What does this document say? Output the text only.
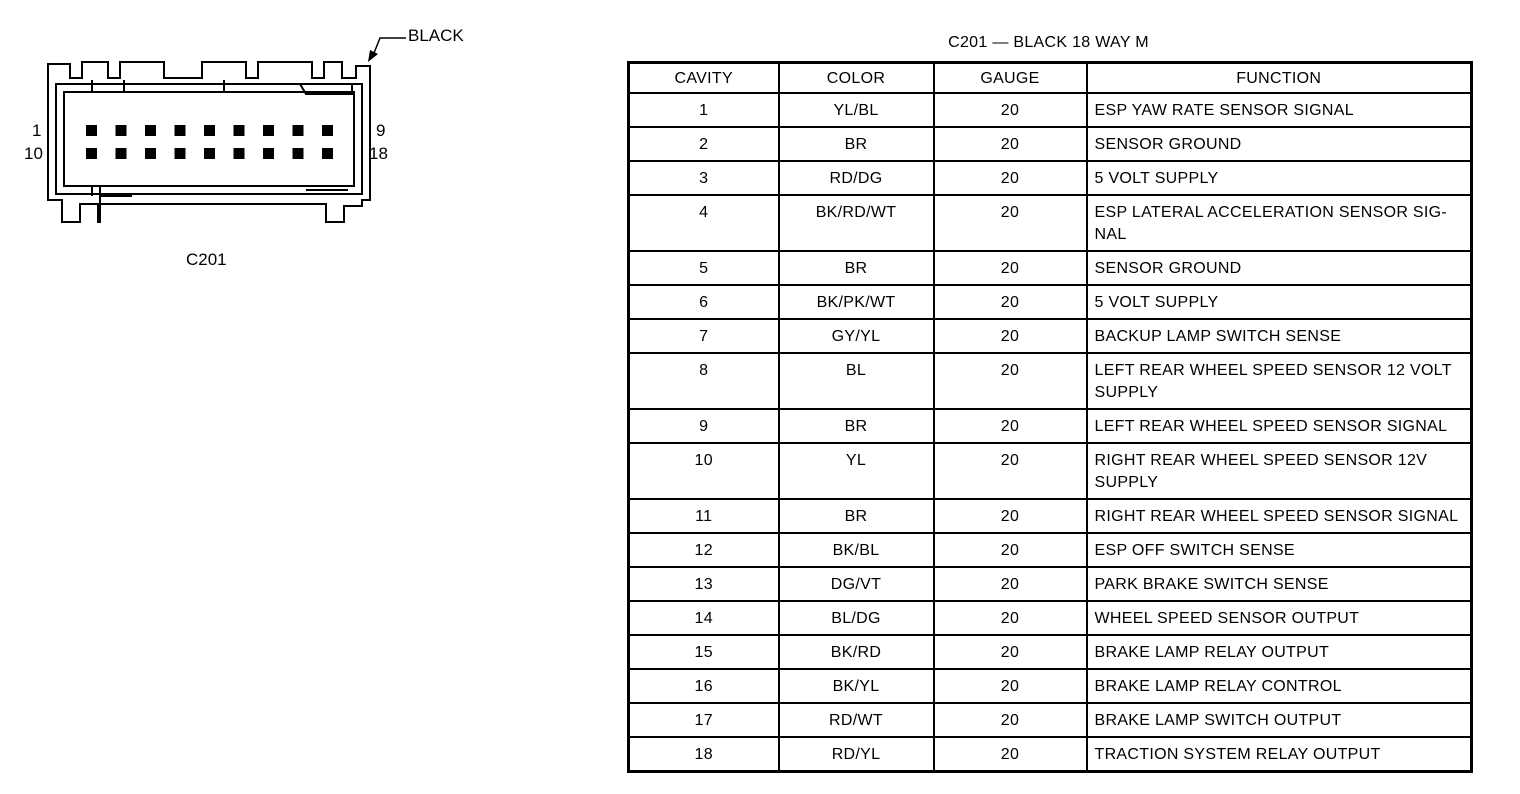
BLACK
1
10
9
18
C201
C201 — BLACK 18 WAY M
CAVITY	COLOR	GAUGE	FUNCTION
1	YL/BL	20	ESP YAW RATE SENSOR SIGNAL
2	BR	20	SENSOR GROUND
3	RD/DG	20	5 VOLT SUPPLY
4	BK/RD/WT	20	ESP LATERAL ACCELERATION SENSOR SIG-NAL
5	BR	20	SENSOR GROUND
6	BK/PK/WT	20	5 VOLT SUPPLY
7	GY/YL	20	BACKUP LAMP SWITCH SENSE
8	BL	20	LEFT REAR WHEEL SPEED SENSOR 12 VOLT SUPPLY
9	BR	20	LEFT REAR WHEEL SPEED SENSOR SIGNAL
10	YL	20	RIGHT REAR WHEEL SPEED SENSOR 12V SUPPLY
11	BR	20	RIGHT REAR WHEEL SPEED SENSOR SIGNAL
12	BK/BL	20	ESP OFF SWITCH SENSE
13	DG/VT	20	PARK BRAKE SWITCH SENSE
14	BL/DG	20	WHEEL SPEED SENSOR OUTPUT
15	BK/RD	20	BRAKE LAMP RELAY OUTPUT
16	BK/YL	20	BRAKE LAMP RELAY CONTROL
17	RD/WT	20	BRAKE LAMP SWITCH OUTPUT
18	RD/YL	20	TRACTION SYSTEM RELAY OUTPUT
